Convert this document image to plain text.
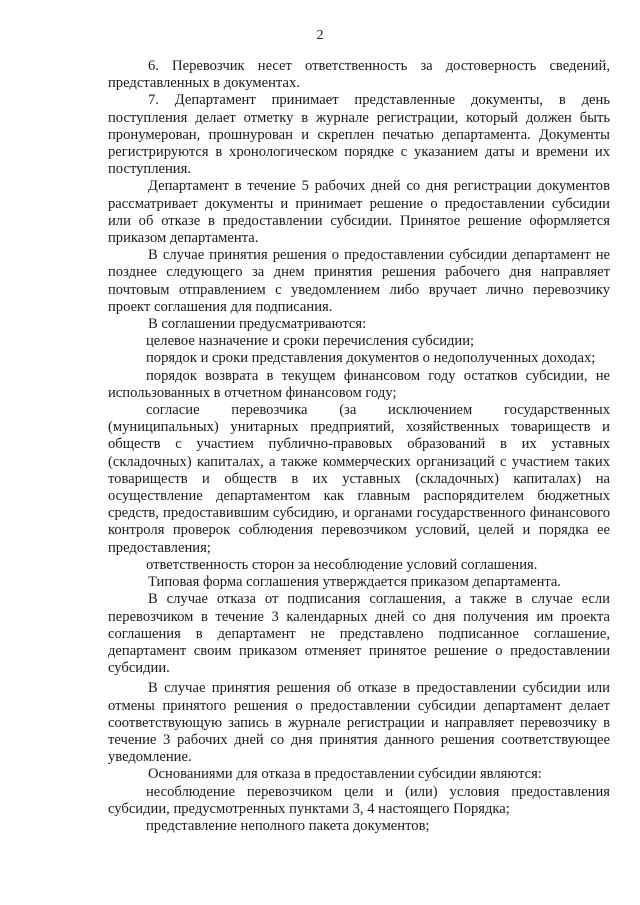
2

6. Перевозчик несет ответственность за достоверность сведений, представленных в документах.

7. Департамент принимает представленные документы, в день поступления делает отметку в журнале регистрации, который должен быть пронумерован, прошнурован и скреплен печатью департамента. Документы регистрируются в хронологическом порядке с указанием даты и времени их поступления.

Департамент в течение 5 рабочих дней со дня регистрации документов рассматривает документы и принимает решение о предоставлении субсидии или об отказе в предоставлении субсидии. Принятое решение оформляется приказом департамента.

В случае принятия решения о предоставлении субсидии департамент не позднее следующего за днем принятия решения рабочего дня направляет почтовым отправлением с уведомлением либо вручает лично перевозчику проект соглашения для подписания.

В соглашении предусматриваются:

целевое назначение и сроки перечисления субсидии;

порядок и сроки представления документов о недополученных доходах;

порядок возврата в текущем финансовом году остатков субсидии, не использованных в отчетном финансовом году;

согласие перевозчика (за исключением государственных (муниципальных) унитарных предприятий, хозяйственных товариществ и обществ с участием публично-правовых образований в их уставных (складочных) капиталах, а также коммерческих организаций с участием таких товариществ и обществ в их уставных (складочных) капиталах) на осуществление департаментом как главным распорядителем бюджетных средств, предоставившим субсидию, и органами государственного финансового контроля проверок соблюдения перевозчиком условий, целей и порядка ее предоставления;

ответственность сторон за несоблюдение условий соглашения.

Типовая форма соглашения утверждается приказом департамента.

В случае отказа от подписания соглашения, а также в случае если перевозчиком в течение 3 календарных дней со дня получения им проекта соглашения в департамент не представлено подписанное соглашение, департамент своим приказом отменяет принятое решение о предоставлении субсидии.

В случае принятия решения об отказе в предоставлении субсидии или отмены принятого решения о предоставлении субсидии департамент делает соответствующую запись в журнале регистрации и направляет перевозчику в течение 3 рабочих дней со дня принятия данного решения соответствующее уведомление.

Основаниями для отказа в предоставлении субсидии являются:

несоблюдение перевозчиком цели и (или) условия предоставления субсидии, предусмотренных пунктами 3, 4 настоящего Порядка;

представление неполного пакета документов;
